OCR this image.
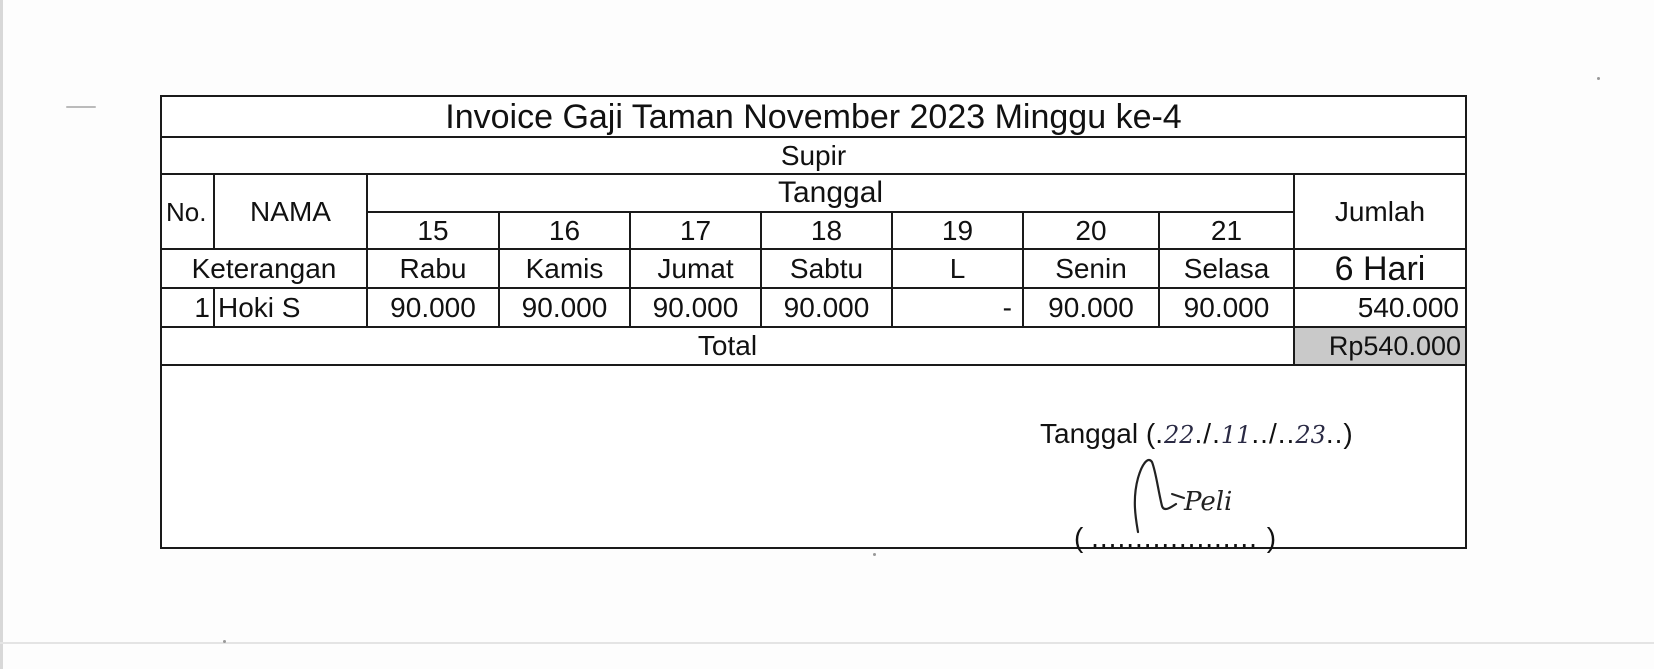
Invoice Gaji Taman November 2023 Minggu ke-4									
Supir									
No.	NAMA	Tanggal							Jumlah
		15	16	17	18	19	20	21	
Keterangan		Rabu	Kamis	Jumat	Sabtu	L	Senin	Selasa	6 Hari
1	Hoki S	90.000	90.000	90.000	90.000	-	90.000	90.000	540.000
Total									Rp540.000
Tanggal (.22./.11../..23..)
Peli
( ................... )
